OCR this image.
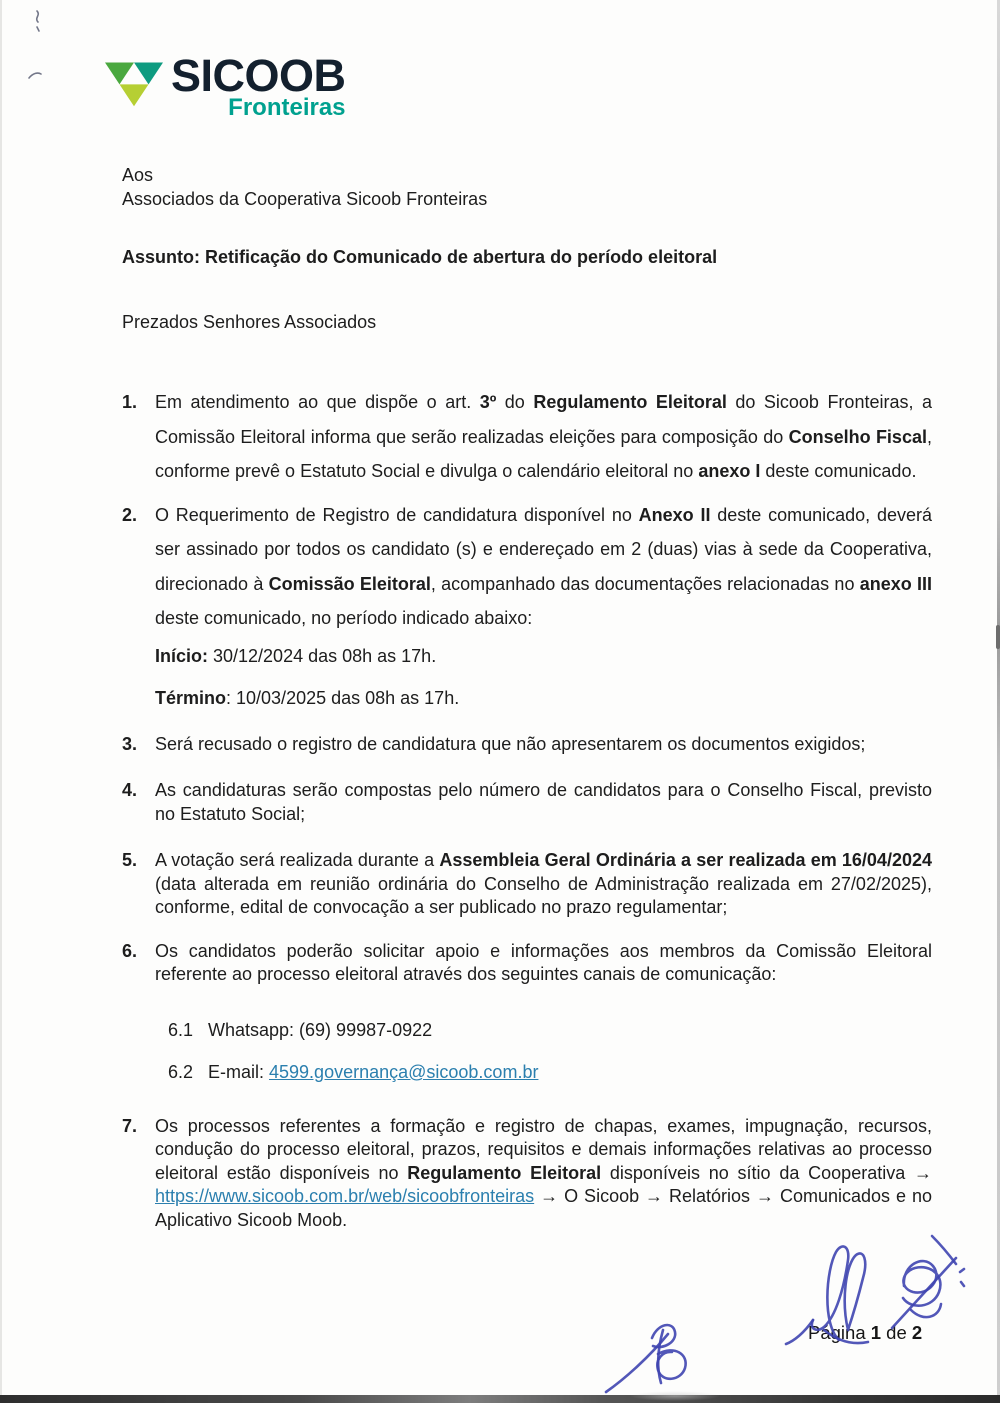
SICOOB
Fronteiras
Aos
Associados da Cooperativa Sicoob Fronteiras
Assunto: Retificação do Comunicado de abertura do período eleitoral
Prezados Senhores Associados
1. Em atendimento ao que dispõe o art. 3º do Regulamento Eleitoral do Sicoob Fronteiras, a Comissão Eleitoral informa que serão realizadas eleições para composição do Conselho Fiscal, conforme prevê o Estatuto Social e divulga o calendário eleitoral no anexo I deste comunicado.
2. O Requerimento de Registro de candidatura disponível no Anexo II deste comunicado, deverá ser assinado por todos os candidato (s) e endereçado em 2 (duas) vias à sede da Cooperativa, direcionado à Comissão Eleitoral, acompanhado das documentações relacionadas no anexo III deste comunicado, no período indicado abaixo:
Início: 30/12/2024 das 08h as 17h.
Término: 10/03/2025 das 08h as 17h.
3. Será recusado o registro de candidatura que não apresentarem os documentos exigidos;
4. As candidaturas serão compostas pelo número de candidatos para o Conselho Fiscal, previsto no Estatuto Social;
5. A votação será realizada durante a Assembleia Geral Ordinária a ser realizada em 16/04/2024 (data alterada em reunião ordinária do Conselho de Administração realizada em 27/02/2025), conforme, edital de convocação a ser publicado no prazo regulamentar;
6. Os candidatos poderão solicitar apoio e informações aos membros da Comissão Eleitoral referente ao processo eleitoral através dos seguintes canais de comunicação:
6.1 Whatsapp: (69) 99987-0922
6.2 E-mail: 4599.governança@sicoob.com.br
7. Os processos referentes a formação e registro de chapas, exames, impugnação, recursos, condução do processo eleitoral, prazos, requisitos e demais informações relativas ao processo eleitoral estão disponíveis no Regulamento Eleitoral disponíveis no sítio da Cooperativa → https://www.sicoob.com.br/web/sicoobfronteiras → O Sicoob → Relatórios → Comunicados e no Aplicativo Sicoob Moob.
Página 1 de 2
